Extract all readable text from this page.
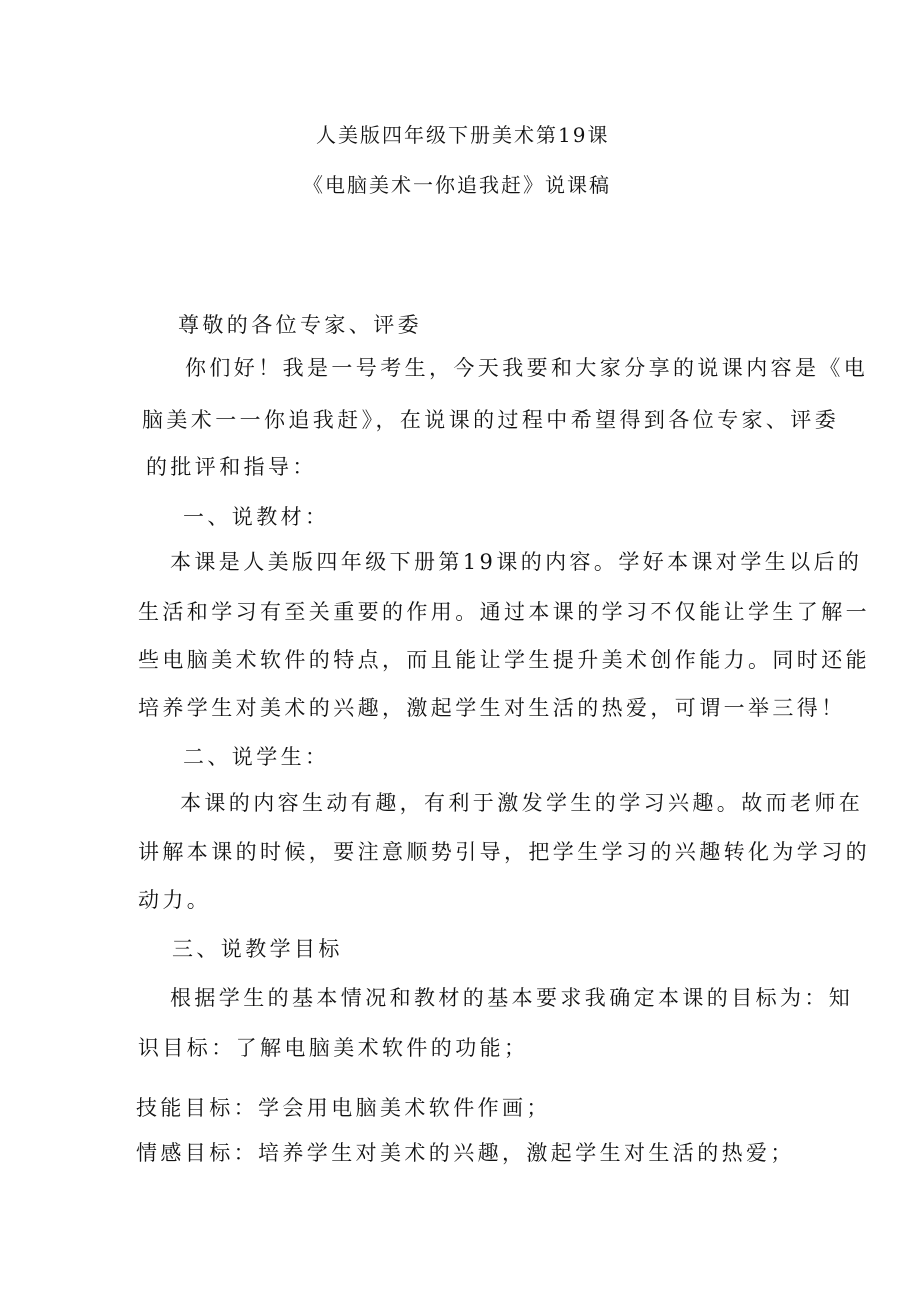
人美版四年级下册美术第19课
《电脑美术一你追我赶》说课稿
尊敬的各位专家、评委
你们好！我是一号考生，今天我要和大家分享的说课内容是《电
脑美术一一你追我赶》，在说课的过程中希望得到各位专家、评委
的批评和指导：
一、说教材：
本课是人美版四年级下册第19课的内容。学好本课对学生以后的
生活和学习有至关重要的作用。通过本课的学习不仅能让学生了解一
些电脑美术软件的特点，而且能让学生提升美术创作能力。同时还能
培养学生对美术的兴趣，激起学生对生活的热爱，可谓一举三得！
二、说学生：
本课的内容生动有趣，有利于激发学生的学习兴趣。故而老师在
讲解本课的时候，要注意顺势引导，把学生学习的兴趣转化为学习的
动力。
三、说教学目标
根据学生的基本情况和教材的基本要求我确定本课的目标为：知
识目标：了解电脑美术软件的功能；
技能目标：学会用电脑美术软件作画；
情感目标：培养学生对美术的兴趣，激起学生对生活的热爱；
